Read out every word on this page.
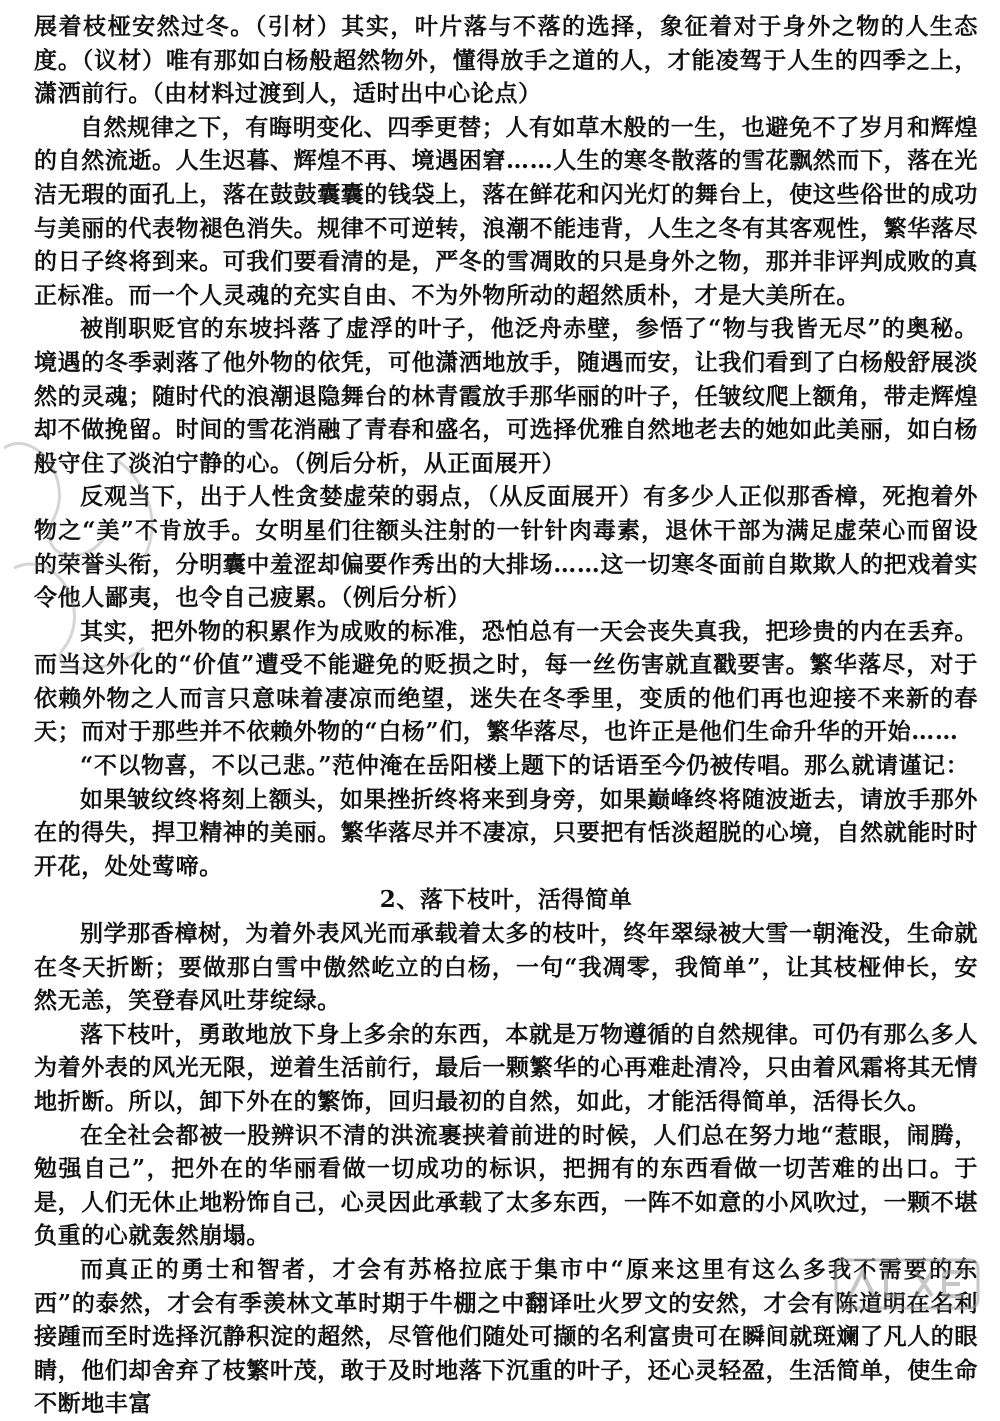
展着枝桠安然过冬。（引材）其实，叶片落与不落的选择，象征着对于身外之物的人生态度。（议材）唯有那如白杨般超然物外，懂得放手之道的人，才能凌驾于人生的四季之上，潇洒前行。（由材料过渡到人，适时出中心论点）

自然规律之下，有晦明变化、四季更替；人有如草木般的一生，也避免不了岁月和辉煌的自然流逝。人生迟暮、辉煌不再、境遇困窘……人生的寒冬散落的雪花飘然而下，落在光洁无瑕的面孔上，落在鼓鼓囊囊的钱袋上，落在鲜花和闪光灯的舞台上，使这些俗世的成功与美丽的代表物褪色消失。规律不可逆转，浪潮不能违背，人生之冬有其客观性，繁华落尽的日子终将到来。可我们要看清的是，严冬的雪凋敗的只是身外之物，那并非评判成败的真正标准。而一个人灵魂的充实自由、不为外物所动的超然质朴，才是大美所在。

被削职贬官的东坡抖落了虚浮的叶子，他泛舟赤壁，参悟了“物与我皆无尽”的奥秘。境遇的冬季剥落了他外物的依凭，可他潇洒地放手，随遇而安，让我们看到了白杨般舒展淡然的灵魂；随时代的浪潮退隐舞台的林青霞放手那华丽的叶子，任皱纹爬上额角，带走辉煌却不做挽留。时间的雪花消融了青春和盛名，可选择优雅自然地老去的她如此美丽，如白杨般守住了淡泊宁静的心。（例后分析，从正面展开）

反观当下，出于人性贪婪虚荣的弱点，（从反面展开）有多少人正似那香樟，死抱着外物之“美”不肯放手。女明星们往额头注射的一针针肉毒素，退休干部为满足虚荣心而留设的荣誉头衔，分明囊中羞涩却偏要作秀出的大排场……这一切寒冬面前自欺欺人的把戏着实令他人鄙夷，也令自己疲累。（例后分析）

其实，把外物的积累作为成败的标准，恐怕总有一天会丧失真我，把珍贵的内在丢弃。而当这外化的“价值”遭受不能避免的贬损之时，每一丝伤害就直戳要害。繁华落尽，对于依赖外物之人而言只意味着凄凉而绝望，迷失在冬季里，变质的他们再也迎接不来新的春天；而对于那些并不依赖外物的“白杨”们，繁华落尽，也许正是他们生命升华的开始……

“不以物喜，不以己悲。”范仲淹在岳阳楼上题下的话语至今仍被传唱。那么就请谨记：

如果皱纹终将刻上额头，如果挫折终将来到身旁，如果巅峰终将随波逝去，请放手那外在的得失，捍卫精神的美丽。繁华落尽并不凄凉，只要把有恬淡超脱的心境，自然就能时时开花，处处莺啼。

2、落下枝叶，活得简单

别学那香樟树，为着外表风光而承载着太多的枝叶，终年翠绿被大雪一朝淹没，生命就在冬天折断；要做那白雪中傲然屹立的白杨，一句“我凋零，我简单”，让其枝桠伸长，安然无恙，笑登春风吐芽绽绿。

落下枝叶，勇敢地放下身上多余的东西，本就是万物遵循的自然规律。可仍有那么多人为着外表的风光无限，逆着生活前行，最后一颗繁华的心再难赴清冷，只由着风霜将其无情地折断。所以，卸下外在的繁饰，回归最初的自然，如此，才能活得简单，活得长久。

在全社会都被一股辨识不清的洪流裹挟着前进的时候，人们总在努力地“惹眼，闹腾，勉强自己”，把外在的华丽看做一切成功的标识，把拥有的东西看做一切苦难的出口。于是，人们无休止地粉饰自己，心灵因此承载了太多东西，一阵不如意的小风吹过，一颗不堪负重的心就轰然崩塌。

而真正的勇士和智者，才会有苏格拉底于集市中“原来这里有这么多我不需要的东西”的泰然，才会有季羡林文革时期于牛棚之中翻译吐火罗文的安然，才会有陈道明在名利接踵而至时选择沉静积淀的超然，尽管他们随处可撷的名利富贵可在瞬间就斑斓了凡人的眼睛，他们却舍弃了枝繁叶茂，敢于及时地落下沉重的叶子，还心灵轻盈，生活简单，使生命不断地丰富
